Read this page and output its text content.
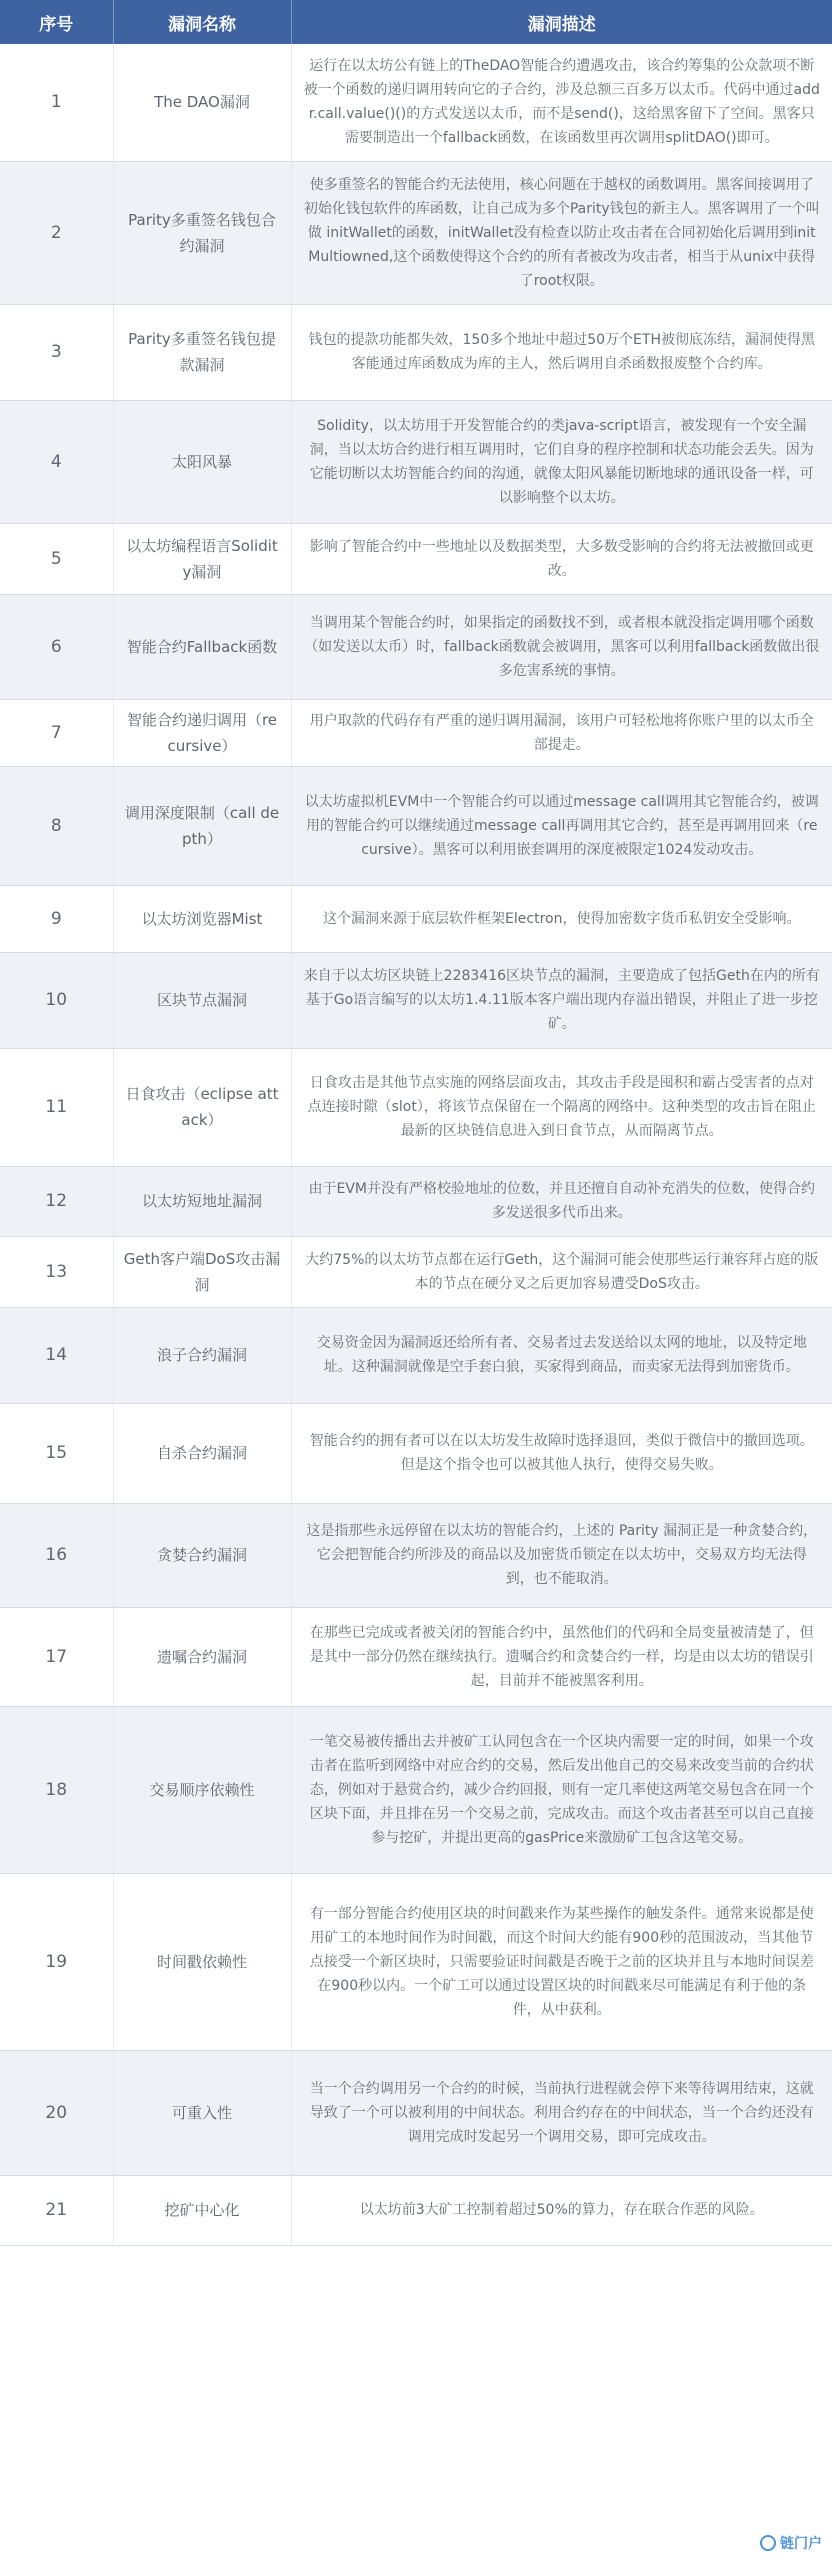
序号	漏洞名称	漏洞描述
1	The DAO漏洞	运行在以太坊公有链上的TheDAO智能合约遭遇攻击，该合约筹集的公众款项不断被一个函数的递归调用转向它的子合约，涉及总额三百多万以太币。代码中通过addr.call.value()()的方式发送以太币，而不是send()，这给黑客留下了空间。黑客只需要制造出一个fallback函数，在该函数里再次调用splitDAO()即可。
2	Parity多重签名钱包合约漏洞	使多重签名的智能合约无法使用，核心问题在于越权的函数调用。黑客间接调用了初始化钱包软件的库函数，让自己成为多个Parity钱包的新主人。黑客调用了一个叫做 initWallet的函数，initWallet没有检查以防止攻击者在合同初始化后调用到initMultiowned,这个函数使得这个合约的所有者被改为攻击者，相当于从unix中获得了root权限。
3	Parity多重签名钱包提款漏洞	钱包的提款功能都失效，150多个地址中超过50万个ETH被彻底冻结，漏洞使得黑客能通过库函数成为库的主人，然后调用自杀函数报废整个合约库。
4	太阳风暴	Solidity，以太坊用于开发智能合约的类java-script语言，被发现有一个安全漏洞，当以太坊合约进行相互调用时，它们自身的程序控制和状态功能会丢失。因为它能切断以太坊智能合约间的沟通，就像太阳风暴能切断地球的通讯设备一样，可以影响整个以太坊。
5	以太坊编程语言Solidity漏洞	影响了智能合约中一些地址以及数据类型，大多数受影响的合约将无法被撤回或更改。
6	智能合约Fallback函数	当调用某个智能合约时，如果指定的函数找不到，或者根本就没指定调用哪个函数（如发送以太币）时，fallback函数就会被调用，黑客可以利用fallback函数做出很多危害系统的事情。
7	智能合约递归调用（recursive）	用户取款的代码存有严重的递归调用漏洞，该用户可轻松地将你账户里的以太币全部提走。
8	调用深度限制（call depth）	以太坊虚拟机EVM中一个智能合约可以通过message call调用其它智能合约，被调用的智能合约可以继续通过message call再调用其它合约，甚至是再调用回来（recursive）。黑客可以利用嵌套调用的深度被限定1024发动攻击。
9	以太坊浏览器Mist	这个漏洞来源于底层软件框架Electron，使得加密数字货币私钥安全受影响。
10	区块节点漏洞	来自于以太坊区块链上2283416区块节点的漏洞，主要造成了包括Geth在内的所有基于Go语言编写的以太坊1.4.11版本客户端出现内存溢出错误，并阻止了进一步挖矿。
11	日食攻击（eclipse attack）	日食攻击是其他节点实施的网络层面攻击，其攻击手段是囤积和霸占受害者的点对点连接时隙（slot），将该节点保留在一个隔离的网络中。这种类型的攻击旨在阻止最新的区块链信息进入到日食节点，从而隔离节点。
12	以太坊短地址漏洞	由于EVM并没有严格校验地址的位数，并且还擅自自动补充消失的位数，使得合约多发送很多代币出来。
13	Geth客户端DoS攻击漏洞	大约75%的以太坊节点都在运行Geth，这个漏洞可能会使那些运行兼容拜占庭的版本的节点在硬分叉之后更加容易遭受DoS攻击。
14	浪子合约漏洞	交易资金因为漏洞返还给所有者、交易者过去发送给以太网的地址，以及特定地址。这种漏洞就像是空手套白狼，买家得到商品，而卖家无法得到加密货币。
15	自杀合约漏洞	智能合约的拥有者可以在以太坊发生故障时选择退回，类似于微信中的撤回选项。但是这个指令也可以被其他人执行，使得交易失败。
16	贪婪合约漏洞	这是指那些永远停留在以太坊的智能合约，上述的 Parity 漏洞正是一种贪婪合约，它会把智能合约所涉及的商品以及加密货币锁定在以太坊中，交易双方均无法得到，也不能取消。
17	遗嘱合约漏洞	在那些已完成或者被关闭的智能合约中，虽然他们的代码和全局变量被清楚了，但是其中一部分仍然在继续执行。遗嘱合约和贪婪合约一样，均是由以太坊的错误引起，目前并不能被黑客利用。
18	交易顺序依赖性	一笔交易被传播出去并被矿工认同包含在一个区块内需要一定的时间，如果一个攻击者在监听到网络中对应合约的交易，然后发出他自己的交易来改变当前的合约状态，例如对于悬赏合约，减少合约回报，则有一定几率使这两笔交易包含在同一个区块下面，并且排在另一个交易之前，完成攻击。而这个攻击者甚至可以自己直接参与挖矿，并提出更高的gasPrice来激励矿工包含这笔交易。
19	时间戳依赖性	有一部分智能合约使用区块的时间戳来作为某些操作的触发条件。通常来说都是使用矿工的本地时间作为时间戳，而这个时间大约能有900秒的范围波动，当其他节点接受一个新区块时，只需要验证时间戳是否晚于之前的区块并且与本地时间误差在900秒以内。一个矿工可以通过设置区块的时间戳来尽可能满足有利于他的条件，从中获利。
20	可重入性	当一个合约调用另一个合约的时候，当前执行进程就会停下来等待调用结束，这就导致了一个可以被利用的中间状态。利用合约存在的中间状态，当一个合约还没有调用完成时发起另一个调用交易，即可完成攻击。
21	挖矿中心化	以太坊前3大矿工控制着超过50%的算力，存在联合作恶的风险。
链门户
